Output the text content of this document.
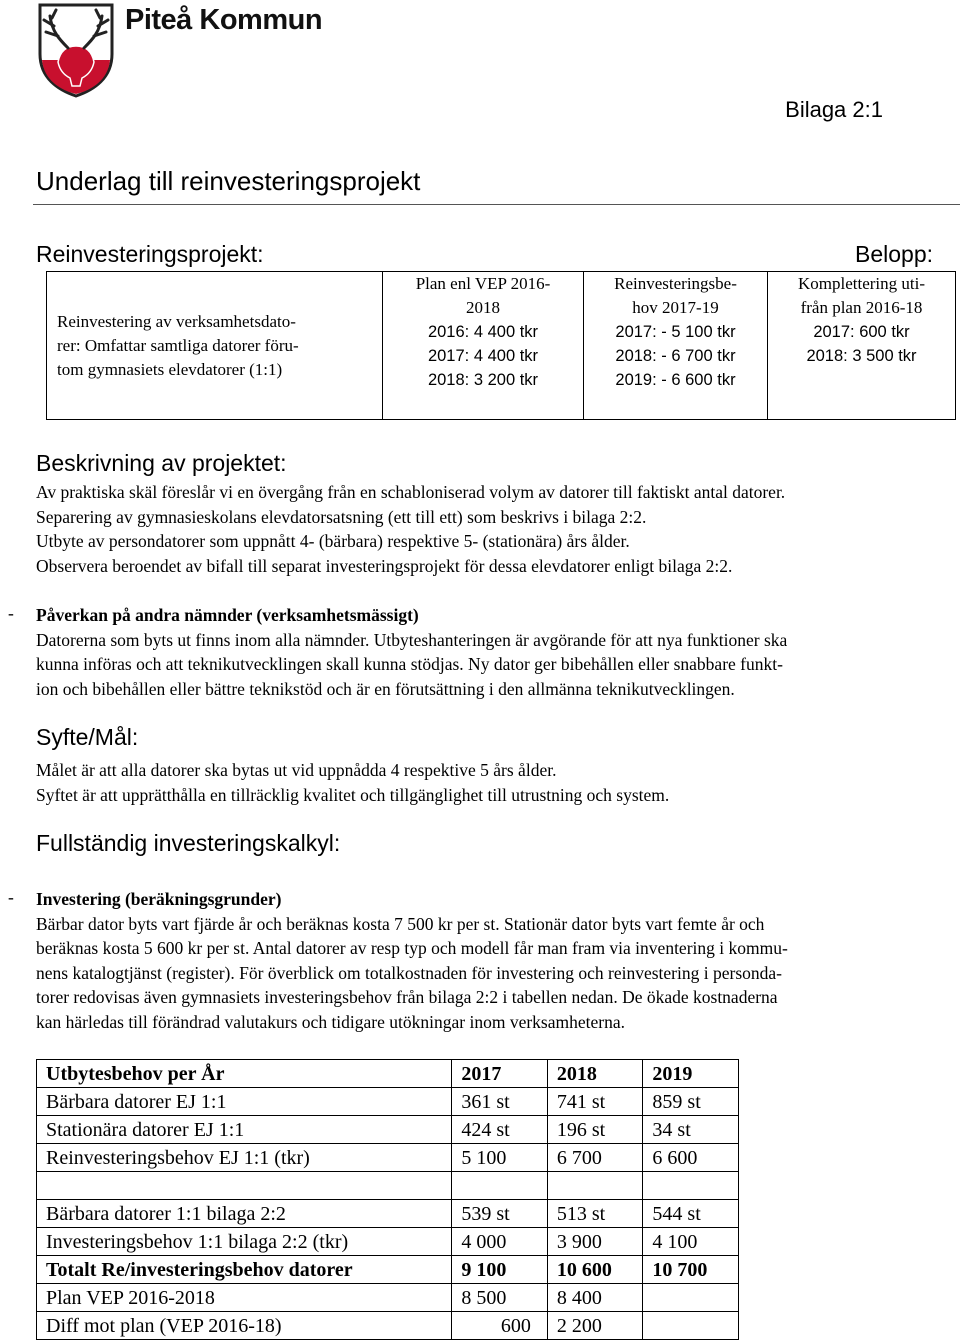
Piteå Kommun
Bilaga 2:1
Underlag till reinvesteringsprojekt
Reinvesteringsprojekt:	Belopp:
Reinvestering av verksamhetsdato-
rer: Omfattar samtliga datorer föru-
tom gymnasiets elevdatorer (1:1)

Plan enl VEP 2016-
2018
2016: 4 400 tkr
2017: 4 400 tkr
2018: 3 200 tkr

Reinvesteringsbe-
hov 2017-19
2017: - 5 100 tkr
2018: - 6 700 tkr
2019: - 6 600 tkr

Komplettering uti-
från plan 2016-18
2017: 600 tkr
2018: 3 500 tkr
Beskrivning av projektet:
Av praktiska skäl föreslår vi en övergång från en schabloniserad volym av datorer till faktiskt antal datorer.
Separering av gymnasieskolans elevdatorsatsning (ett till ett) som beskrivs i bilaga 2:2.
Utbyte av persondatorer som uppnått 4- (bärbara) respektive 5- (stationära) års ålder.
Observera beroendet av bifall till separat investeringsprojekt för dessa elevdatorer enligt bilaga 2:2.
- Påverkan på andra nämnder (verksamhetsmässigt)
Datorerna som byts ut finns inom alla nämnder. Utbyteshanteringen är avgörande för att nya funktioner ska
kunna införas och att teknikutvecklingen skall kunna stödjas. Ny dator ger bibehållen eller snabbare funkt-
ion och bibehållen eller bättre teknikstöd och är en förutsättning i den allmänna teknikutvecklingen.
Syfte/Mål:
Målet är att alla datorer ska bytas ut vid uppnådda 4 respektive 5 års ålder.
Syftet är att upprätthålla en tillräcklig kvalitet och tillgänglighet till utrustning och system.
Fullständig investeringskalkyl:
- Investering (beräkningsgrunder)
Bärbar dator byts vart fjärde år och beräknas kosta 7 500 kr per st. Stationär dator byts vart femte år och
beräknas kosta 5 600 kr per st. Antal datorer av resp typ och modell får man fram via inventering i kommu-
nens katalogtjänst (register). För överblick om totalkostnaden för investering och reinvestering i persondа-
torer redovisas även gymnasiets investeringsbehov från bilaga 2:2 i tabellen nedan. De ökade kostnaderna
kan härledas till förändrad valutakurs och tidigare utökningar inom verksamheterna.
Utbytesbehov per År	2017	2018	2019
Bärbara datorer EJ 1:1	361 st	741 st	859 st
Stationära datorer EJ 1:1	424 st	196 st	34 st
Reinvesteringsbehov EJ 1:1 (tkr)	5 100	6 700	6 600

Bärbara datorer 1:1 bilaga 2:2	539 st	513 st	544 st
Investeringsbehov 1:1 bilaga 2:2 (tkr)	4 000	3 900	4 100
Totalt Re/investeringsbehov datorer	9 100	10 600	10 700
Plan VEP 2016-2018	8 500	8 400	
Diff mot plan (VEP 2016-18)	600	2 200	
